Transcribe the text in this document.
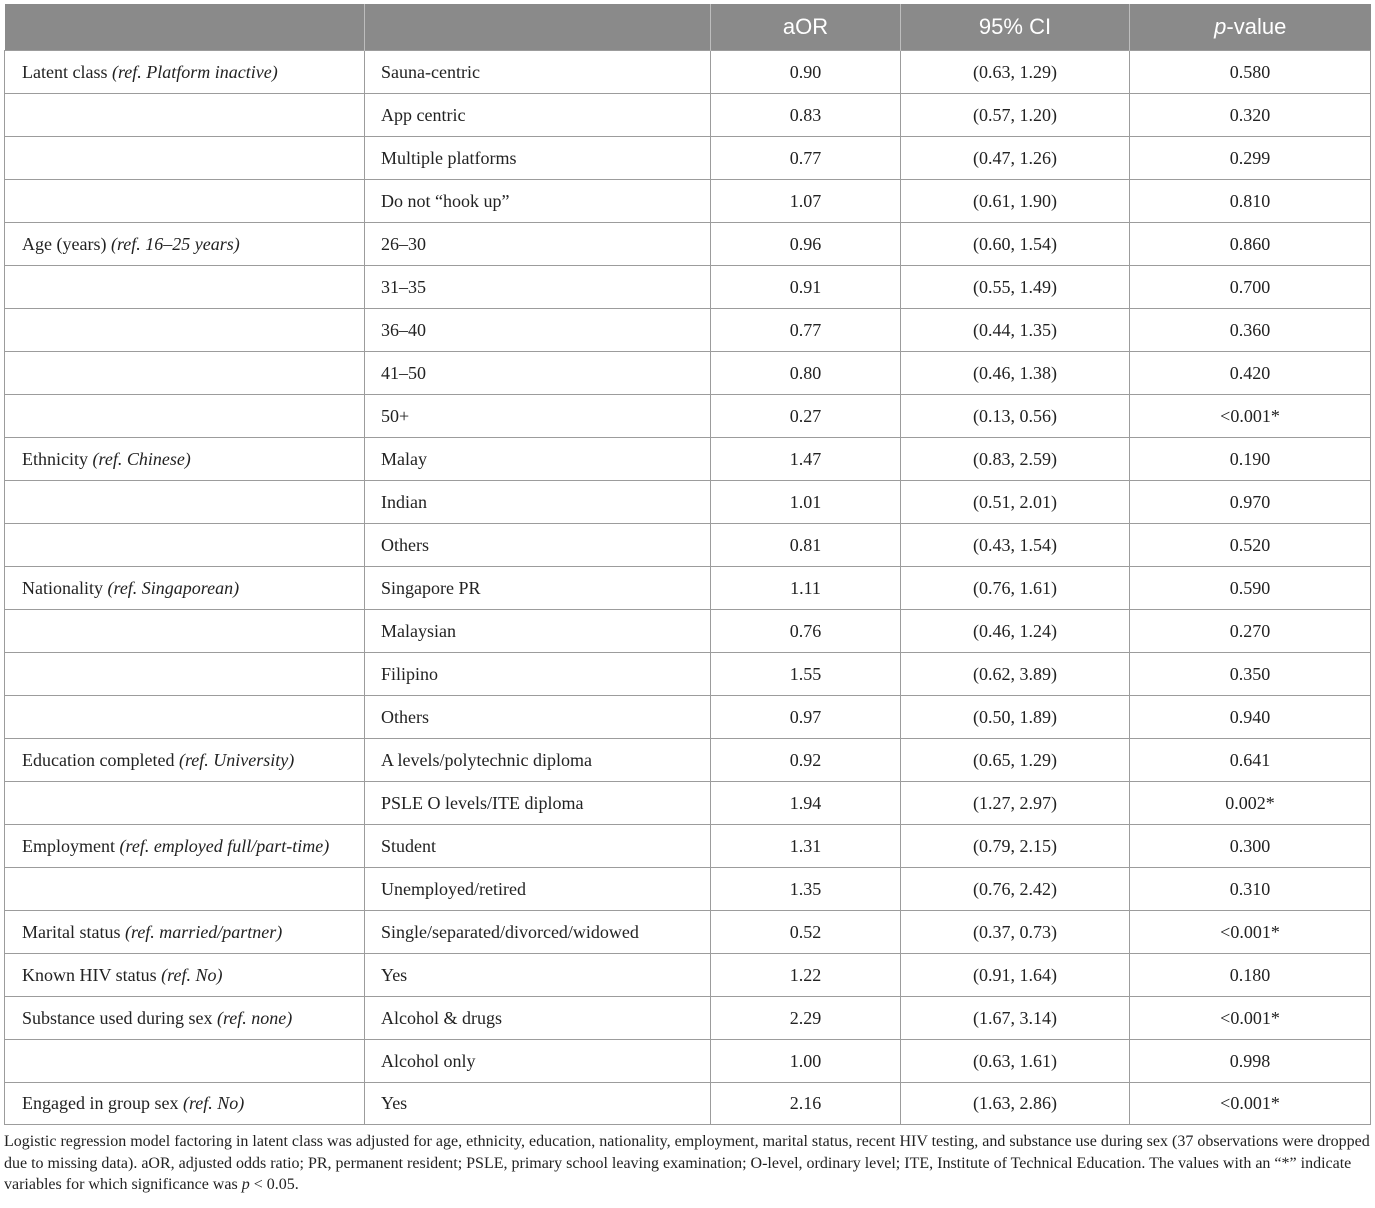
		aOR	95% CI	p-value
Latent class (ref. Platform inactive)	Sauna-centric	0.90	(0.63, 1.29)	0.580
	App centric	0.83	(0.57, 1.20)	0.320
	Multiple platforms	0.77	(0.47, 1.26)	0.299
	Do not “hook up”	1.07	(0.61, 1.90)	0.810
Age (years) (ref. 16–25 years)	26–30	0.96	(0.60, 1.54)	0.860
	31–35	0.91	(0.55, 1.49)	0.700
	36–40	0.77	(0.44, 1.35)	0.360
	41–50	0.80	(0.46, 1.38)	0.420
	50+	0.27	(0.13, 0.56)	<0.001*
Ethnicity (ref. Chinese)	Malay	1.47	(0.83, 2.59)	0.190
	Indian	1.01	(0.51, 2.01)	0.970
	Others	0.81	(0.43, 1.54)	0.520
Nationality (ref. Singaporean)	Singapore PR	1.11	(0.76, 1.61)	0.590
	Malaysian	0.76	(0.46, 1.24)	0.270
	Filipino	1.55	(0.62, 3.89)	0.350
	Others	0.97	(0.50, 1.89)	0.940
Education completed (ref. University)	A levels/polytechnic diploma	0.92	(0.65, 1.29)	0.641
	PSLE O levels/ITE diploma	1.94	(1.27, 2.97)	0.002*
Employment (ref. employed full/part-time)	Student	1.31	(0.79, 2.15)	0.300
	Unemployed/retired	1.35	(0.76, 2.42)	0.310
Marital status (ref. married/partner)	Single/separated/divorced/widowed	0.52	(0.37, 0.73)	<0.001*
Known HIV status (ref. No)	Yes	1.22	(0.91, 1.64)	0.180
Substance used during sex (ref. none)	Alcohol & drugs	2.29	(1.67, 3.14)	<0.001*
	Alcohol only	1.00	(0.63, 1.61)	0.998
Engaged in group sex (ref. No)	Yes	2.16	(1.63, 2.86)	<0.001*

Logistic regression model factoring in latent class was adjusted for age, ethnicity, education, nationality, employment, marital status, recent HIV testing, and substance use during sex (37 observations were dropped due to missing data). aOR, adjusted odds ratio; PR, permanent resident; PSLE, primary school leaving examination; O-level, ordinary level; ITE, Institute of Technical Education. The values with an “*” indicate variables for which significance was p < 0.05.
